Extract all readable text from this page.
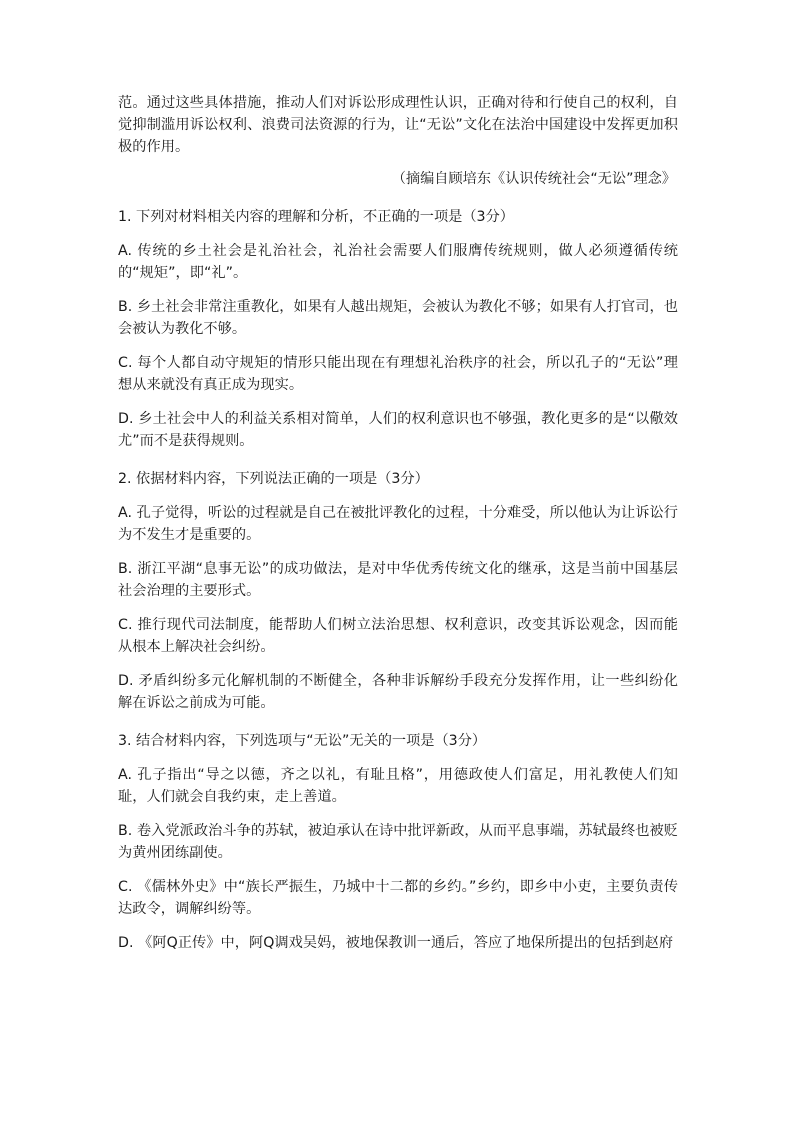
范。通过这些具体措施，推动人们对诉讼形成理性认识，正确对待和行使自己的权利，自觉抑制滥用诉讼权利、浪费司法资源的行为，让“无讼”文化在法治中国建设中发挥更加积极的作用。

（摘编自顾培东《认识传统社会“无讼”理念》

1. 下列对材料相关内容的理解和分析，不正确的一项是（3分）

A. 传统的乡土社会是礼治社会，礼治社会需要人们服膺传统规则，做人必须遵循传统的“规矩”，即“礼”。

B. 乡土社会非常注重教化，如果有人越出规矩，会被认为教化不够；如果有人打官司，也会被认为教化不够。

C. 每个人都自动守规矩的情形只能出现在有理想礼治秩序的社会，所以孔子的“无讼”理想从来就没有真正成为现实。

D. 乡土社会中人的利益关系相对简单，人们的权利意识也不够强，教化更多的是“以儆效尤”而不是获得规则。

2. 依据材料内容，下列说法正确的一项是（3分）

A. 孔子觉得，听讼的过程就是自己在被批评教化的过程，十分难受，所以他认为让诉讼行为不发生才是重要的。

B. 浙江平湖“息事无讼”的成功做法，是对中华优秀传统文化的继承，这是当前中国基层社会治理的主要形式。

C. 推行现代司法制度，能帮助人们树立法治思想、权利意识，改变其诉讼观念，因而能从根本上解决社会纠纷。

D. 矛盾纠纷多元化解机制的不断健全，各种非诉解纷手段充分发挥作用，让一些纠纷化解在诉讼之前成为可能。

3. 结合材料内容，下列选项与“无讼”无关的一项是（3分）

A. 孔子指出“导之以德，齐之以礼，有耻且格”，用德政使人们富足，用礼教使人们知耻，人们就会自我约束，走上善道。

B. 卷入党派政治斗争的苏轼，被迫承认在诗中批评新政，从而平息事端，苏轼最终也被贬为黄州团练副使。

C. 《儒林外史》中“族长严振生，乃城中十二都的乡约。”乡约，即乡中小吏，主要负责传达政令，调解纠纷等。

D. 《阿Q正传》中，阿Q调戏吴妈，被地保教训一通后，答应了地保所提出的包括到赵府
